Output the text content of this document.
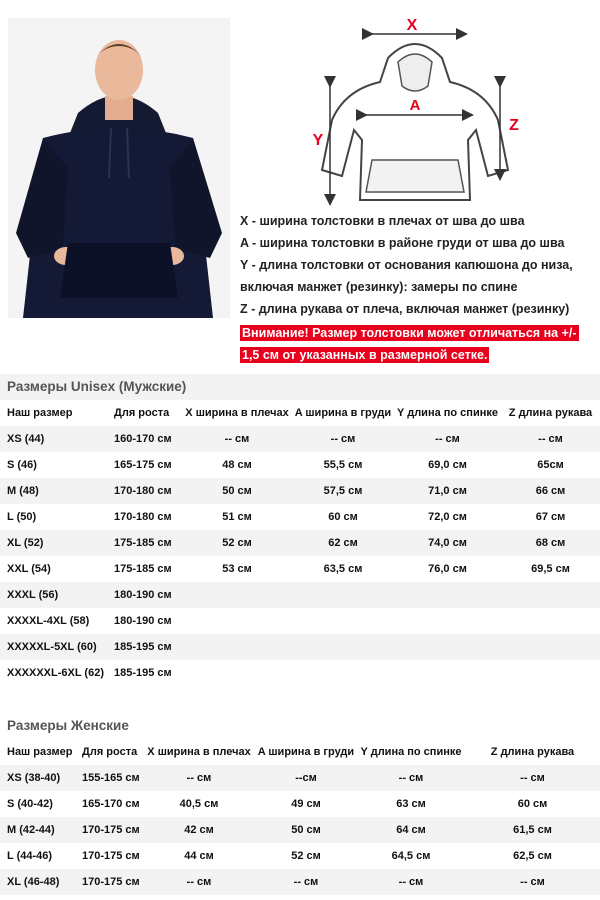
X
A
Y
Z
X - ширина толстовки в плечах от шва до шва
A - ширина толстовки в районе груди от шва до шва
Y - длина толстовки от основания капюшона до низа,
включая манжет (резинку): замеры по спине
Z - длина рукава от плеча, включая манжет (резинку)
Внимание! Размер толстовки может отличаться на +/-
1,5 см от указанных в размерной сетке.
Размеры Unisex (Мужские)
Наш размер	Для роста	X ширина в плечах	A ширина в груди	Y длина по спинке	Z длина рукава
XS (44)	160-170 см	-- см	-- см	-- см	-- см
S (46)	165-175 см	48 см	55,5 см	69,0 см	65см
M (48)	170-180 см	50 см	57,5 см	71,0 см	66 см
L (50)	170-180 см	51 см	60 см	72,0 см	67 см
XL (52)	175-185 см	52 см	62 см	74,0 см	68 см
XXL (54)	175-185 см	53 см	63,5 см	76,0 см	69,5 см
XXXL (56)	180-190 см				
XXXXL-4XL (58)	180-190 см				
XXXXXL-5XL (60)	185-195 см				
XXXXXXL-6XL (62)	185-195 см				
Размеры Женские
Наш размер	Для роста	X ширина в плечах	A ширина в груди	Y длина по спинке	Z длина рукава
XS (38-40)	155-165 см	-- см	--см	-- см	-- см
S (40-42)	165-170 см	40,5 см	49 см	63 см	60 см
M (42-44)	170-175 см	42 см	50 см	64 см	61,5 см
L (44-46)	170-175 см	44 см	52 см	64,5 см	62,5 см
XL (46-48)	170-175 см	-- см	-- см	-- см	-- см
